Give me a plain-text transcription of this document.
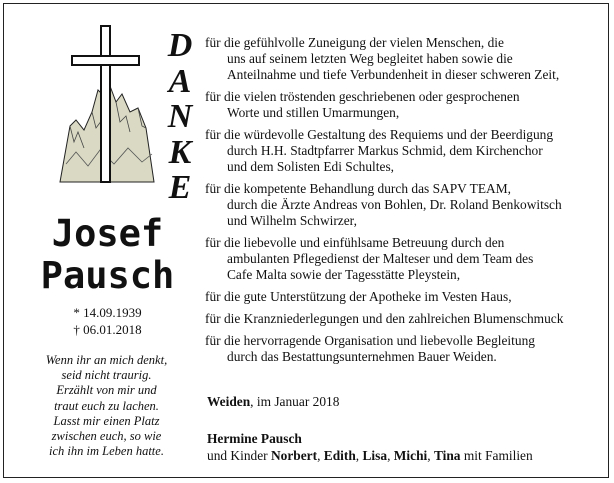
D
A
N
K
E
Josef
Pausch
* 14.09.1939
† 06.01.2018
Wenn ihr an mich denkt,
seid nicht traurig.
Erzählt von mir und
traut euch zu lachen.
Lasst mir einen Platz
zwischen euch, so wie
ich ihn im Leben hatte.
für die gefühlvolle Zuneigung der vielen Menschen, die
uns auf seinem letzten Weg begleitet haben sowie die
Anteilnahme und tiefe Verbundenheit in dieser schweren Zeit,
für die vielen tröstenden geschriebenen oder gesprochenen
Worte und stillen Umarmungen,
für die würdevolle Gestaltung des Requiems und der Beerdigung
durch H.H. Stadtpfarrer Markus Schmid, dem Kirchenchor
und dem Solisten Edi Schultes,
für die kompetente Behandlung durch das SAPV TEAM,
durch die Ärzte Andreas von Bohlen, Dr. Roland Benkowitsch
und Wilhelm Schwirzer,
für die liebevolle und einfühlsame Betreuung durch den
ambulanten Pflegedienst der Malteser und dem Team des
Cafe Malta sowie der Tagesstätte Pleystein,
für die gute Unterstützung der Apotheke im Vesten Haus,
für die Kranzniederlegungen und den zahlreichen Blumenschmuck
für die hervorragende Organisation und liebevolle Begleitung
durch das Bestattungsunternehmen Bauer Weiden.
Weiden, im Januar 2018
Hermine Pausch
und Kinder Norbert, Edith, Lisa, Michi, Tina mit Familien
